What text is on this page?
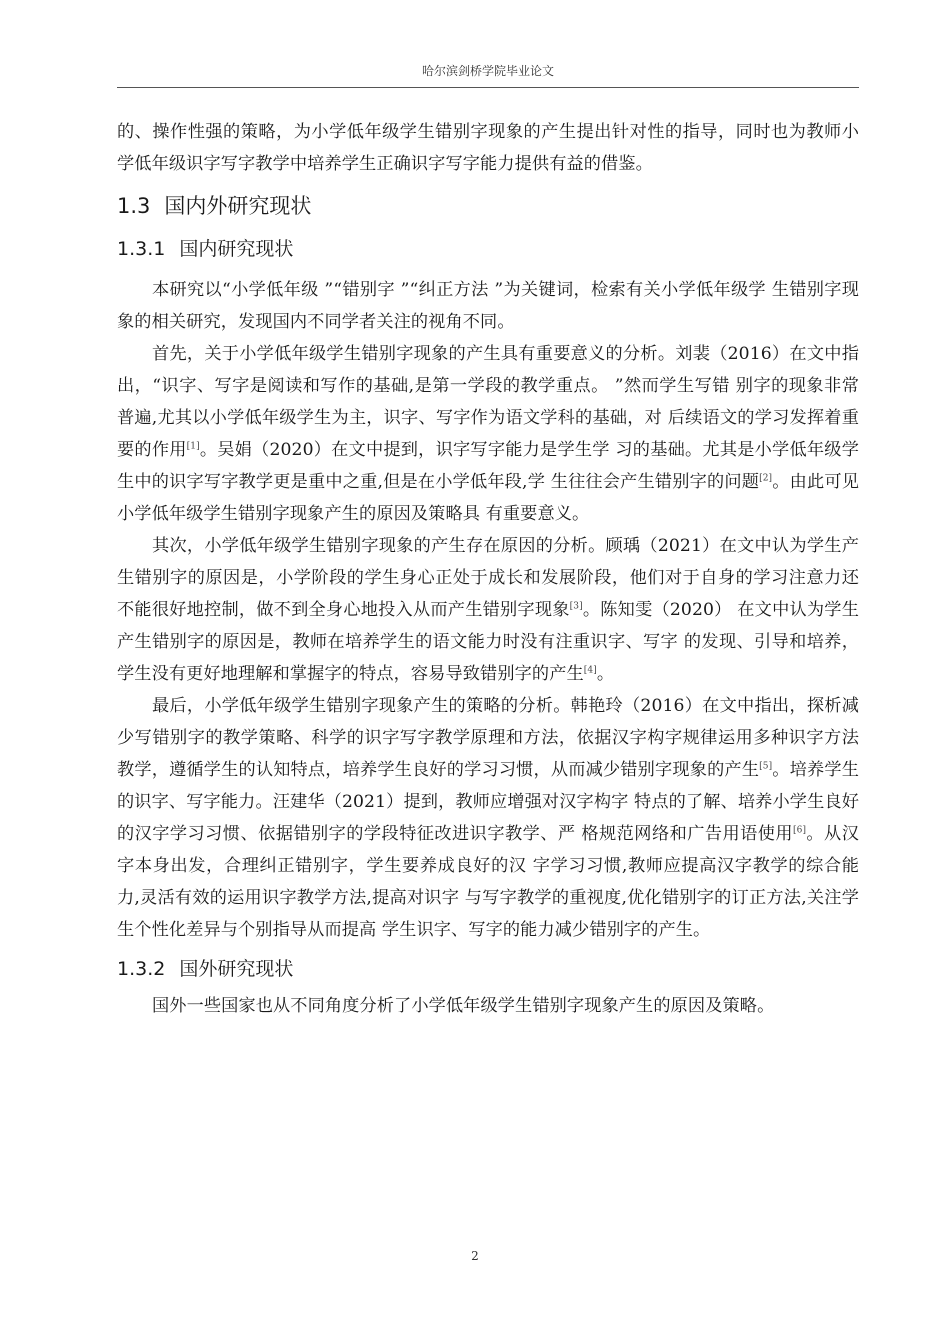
哈尔滨剑桥学院毕业论文

的、操作性强的策略，为小学低年级学生错别字现象的产生提出针对性的指导，同时也为教师小学低年级识字写字教学中培养学生正确识字写字能力提供有益的借鉴。

1.3 国内外研究现状
1.3.1 国内研究现状

本研究以“小学低年级 ”“错别字 ”“纠正方法 ”为关键词，检索有关小学低年级学 生错别字现象的相关研究，发现国内不同学者关注的视角不同。

首先，关于小学低年级学生错别字现象的产生具有重要意义的分析。刘裴（2016）在文中指出，“识字、写字是阅读和写作的基础,是第一学段的教学重点。 ”然而学生写错 别字的现象非常普遍,尤其以小学低年级学生为主，识字、写字作为语文学科的基础，对 后续语文的学习发挥着重要的作用[1]。吴娟（2020）在文中提到，识字写字能力是学生学 习的基础。尤其是小学低年级学生中的识字写字教学更是重中之重,但是在小学低年段,学 生往往会产生错别字的问题[2]。由此可见小学低年级学生错别字现象产生的原因及策略具 有重要意义。

其次，小学低年级学生错别字现象的产生存在原因的分析。顾瑀（2021）在文中认为学生产生错别字的原因是，小学阶段的学生身心正处于成长和发展阶段，他们对于自身的学习注意力还不能很好地控制，做不到全身心地投入从而产生错别字现象[3]。陈知雯（2020） 在文中认为学生产生错别字的原因是，教师在培养学生的语文能力时没有注重识字、写字 的发现、引导和培养，学生没有更好地理解和掌握字的特点，容易导致错别字的产生[4]。

最后，小学低年级学生错别字现象产生的策略的分析。韩艳玲（2016）在文中指出，探析减少写错别字的教学策略、科学的识字写字教学原理和方法，依据汉字构字规律运用多种识字方法教学，遵循学生的认知特点，培养学生良好的学习习惯，从而减少错别字现象的产生[5]。培养学生的识字、写字能力。汪建华（2021）提到，教师应增强对汉字构字 特点的了解、培养小学生良好的汉字学习习惯、依据错别字的学段特征改进识字教学、严 格规范网络和广告用语使用[6]。从汉字本身出发，合理纠正错别字，学生要养成良好的汉 字学习习惯,教师应提高汉字教学的综合能力,灵活有效的运用识字教学方法,提高对识字 与写字教学的重视度,优化错别字的订正方法,关注学生个性化差异与个别指导从而提高 学生识字、写字的能力减少错别字的产生。

1.3.2 国外研究现状

国外一些国家也从不同角度分析了小学低年级学生错别字现象产生的原因及策略。

2
